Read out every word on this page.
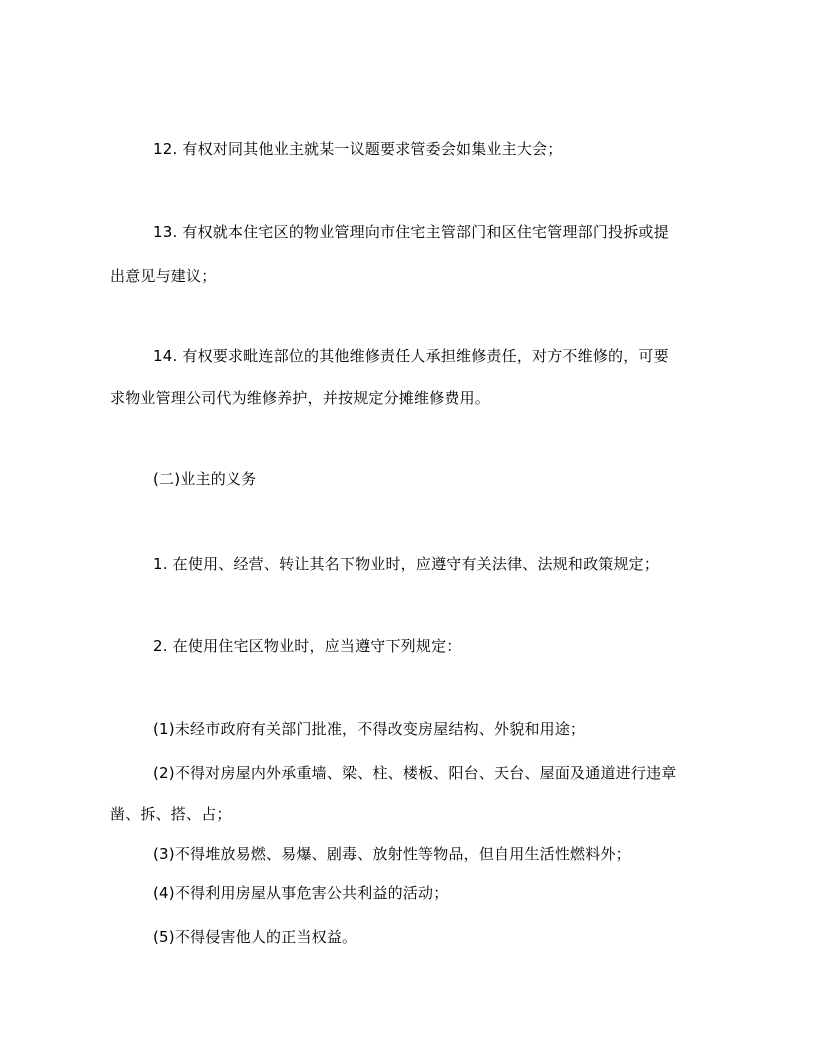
12. 有权对同其他业主就某一议题要求管委会如集业主大会；
13. 有权就本住宅区的物业管理向市住宅主管部门和区住宅管理部门投拆或提
出意见与建议；
14. 有权要求毗连部位的其他维修责任人承担维修责任，对方不维修的，可要
求物业管理公司代为维修养护，并按规定分摊维修费用。
(二)业主的义务
1. 在使用、经营、转让其名下物业时，应遵守有关法律、法规和政策规定；
2. 在使用住宅区物业时，应当遵守下列规定：
(1)未经市政府有关部门批准，不得改变房屋结构、外貌和用途；
(2)不得对房屋内外承重墙、梁、柱、楼板、阳台、天台、屋面及通道进行违章
凿、拆、搭、占；
(3)不得堆放易燃、易爆、剧毒、放射性等物品，但自用生活性燃料外；
(4)不得利用房屋从事危害公共利益的活动；
(5)不得侵害他人的正当权益。
